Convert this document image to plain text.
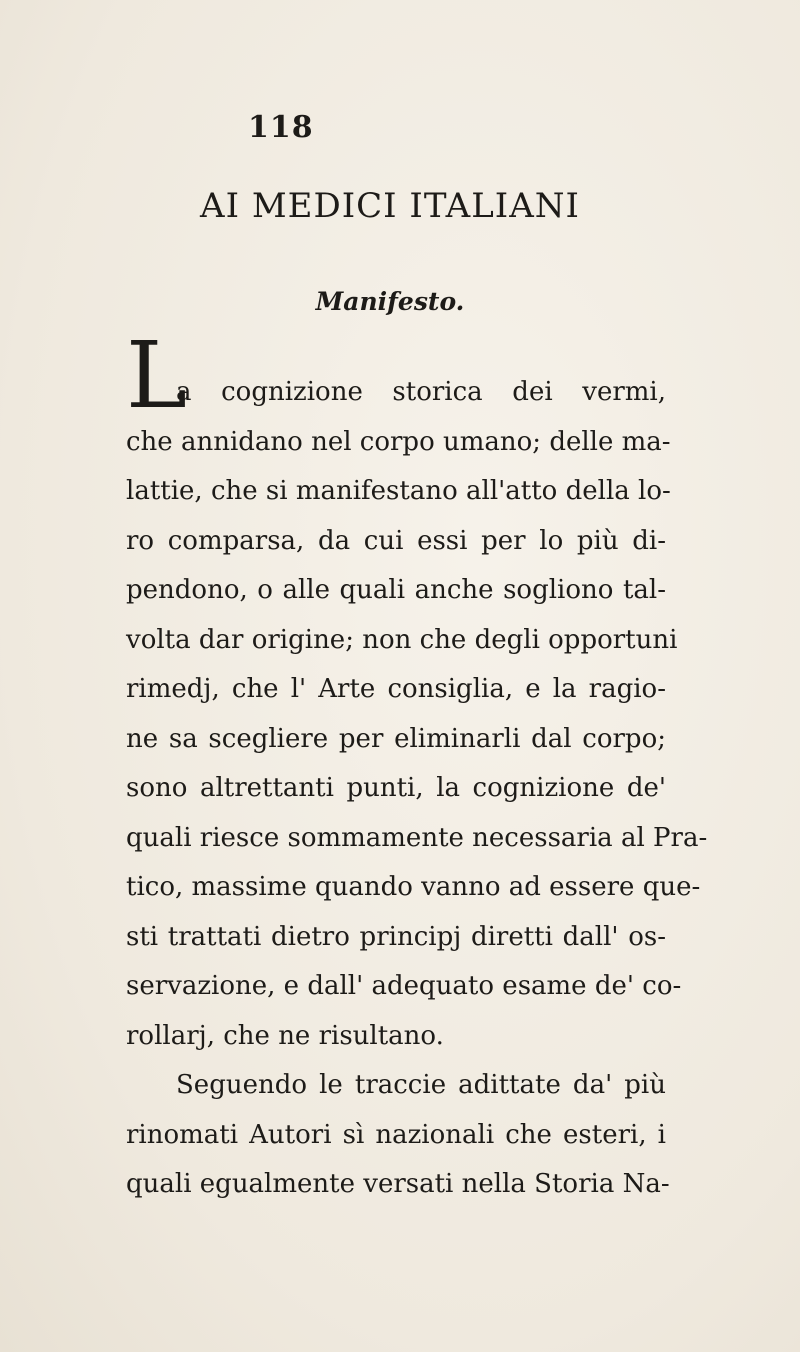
118
AI MEDICI ITALIANI
Manifesto.
L
a cognizione storica dei vermi,
che annidano nel corpo umano; delle ma-
lattie, che si manifestano all'atto della lo-
ro comparsa, da cui essi per lo più di-
pendono, o alle quali anche sogliono tal-
volta dar origine; non che degli opportuni
rimedj, che l' Arte consiglia, e la ragio-
ne sa scegliere per eliminarli dal corpo;
sono altrettanti punti, la cognizione de'
quali riesce sommamente necessaria al Pra-
tico, massime quando vanno ad essere que-
sti trattati dietro principj diretti dall' os-
servazione, e dall' adequato esame de' co-
rollarj, che ne risultano.
Seguendo le traccie adittate da' più
rinomati Autori sì nazionali che esteri, i
quali egualmente versati nella Storia Na-
